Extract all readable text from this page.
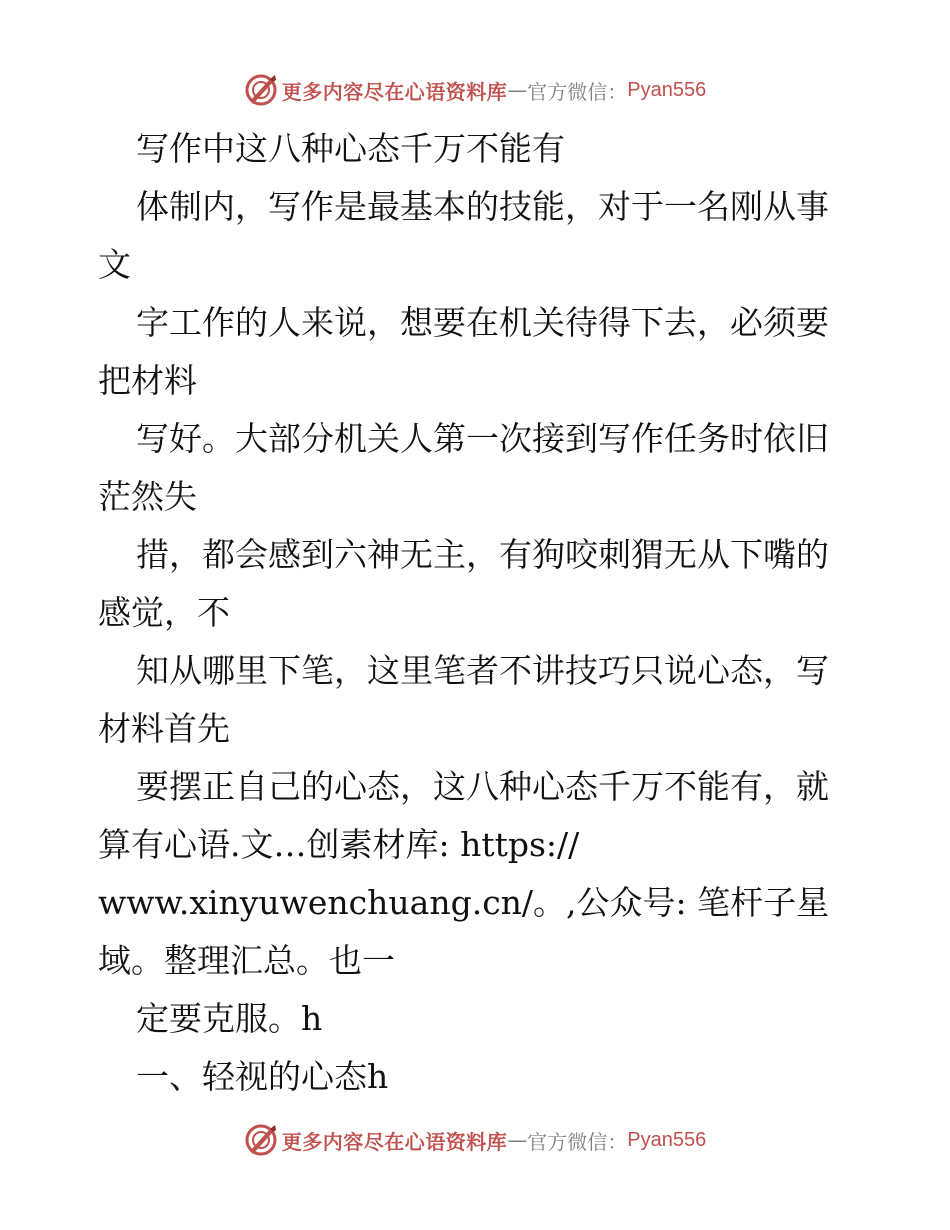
更多内容尽在心语资料库 — 官方微信： Pyan556
写作中这八种心态千万不能有
体制内，写作是最基本的技能，对于一名刚从事
文
字工作的人来说，想要在机关待得下去，必须要
把材料
写好。大部分机关人第一次接到写作任务时依旧
茫然失
措，都会感到六神无主，有狗咬刺猬无从下嘴的
感觉，不
知从哪里下笔，这里笔者不讲技巧只说心态，写
材料首先
要摆正自己的心态，这八种心态千万不能有，就
算有心语.文…创素材库: https://
www.xinyuwenchuang.cn/。,公众号: 笔杆子星
域。整理汇总。也一
定要克服。h
一、轻视的心态h
更多内容尽在心语资料库 — 官方微信： Pyan556
